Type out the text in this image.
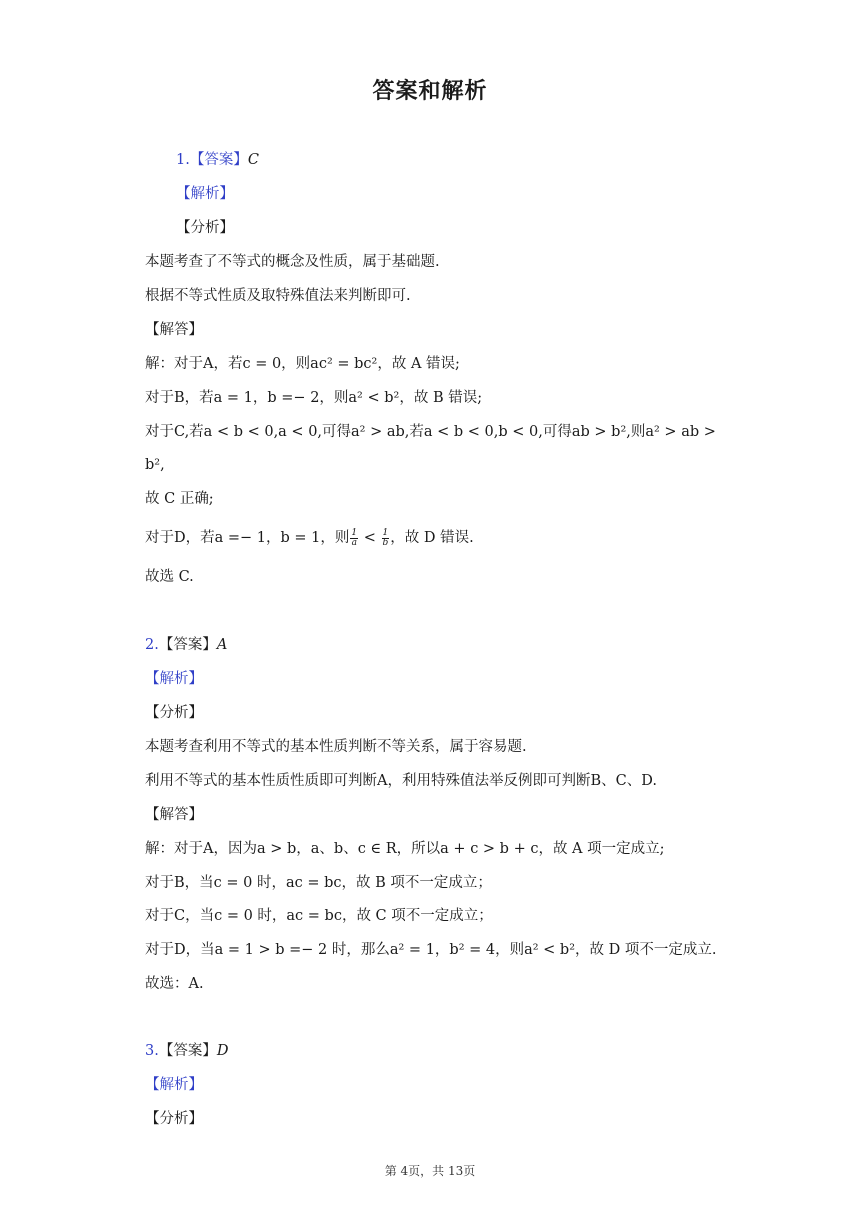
答案和解析
1.【答案】C
【解析】
【分析】
本题考查了不等式的概念及性质，属于基础题.
根据不等式性质及取特殊值法来判断即可.
【解答】
解：对于A，若c = 0，则ac² = bc²，故 A 错误;
对于B，若a = 1，b =− 2，则a² < b²，故 B 错误;
对于C,若a < b < 0,a < 0,可得a² > ab,若a < b < 0,b < 0,可得ab > b²,则a² > ab >
b²,
故 C 正确;
对于D，若a =− 1，b = 1，则 $\frac{1}{a} < \frac{1}{b}$ ，故 D 错误.
故选 C.
2.【答案】A
【解析】
【分析】
本题考查利用不等式的基本性质判断不等关系，属于容易题.
利用不等式的基本性质性质即可判断A，利用特殊值法举反例即可判断B、C、D.
【解答】
解：对于A，因为a > b，a、b、c ∈ R，所以a + c > b + c，故 A 项一定成立;
对于B，当c = 0 时，ac = bc，故 B 项不一定成立；
对于C，当c = 0 时，ac = bc，故 C 项不一定成立；
对于D，当a = 1 > b =− 2 时，那么a² = 1，b² = 4，则a² < b²，故 D 项不一定成立.
故选：A.
3.【答案】D
【解析】
【分析】
第 4页，共 13页
